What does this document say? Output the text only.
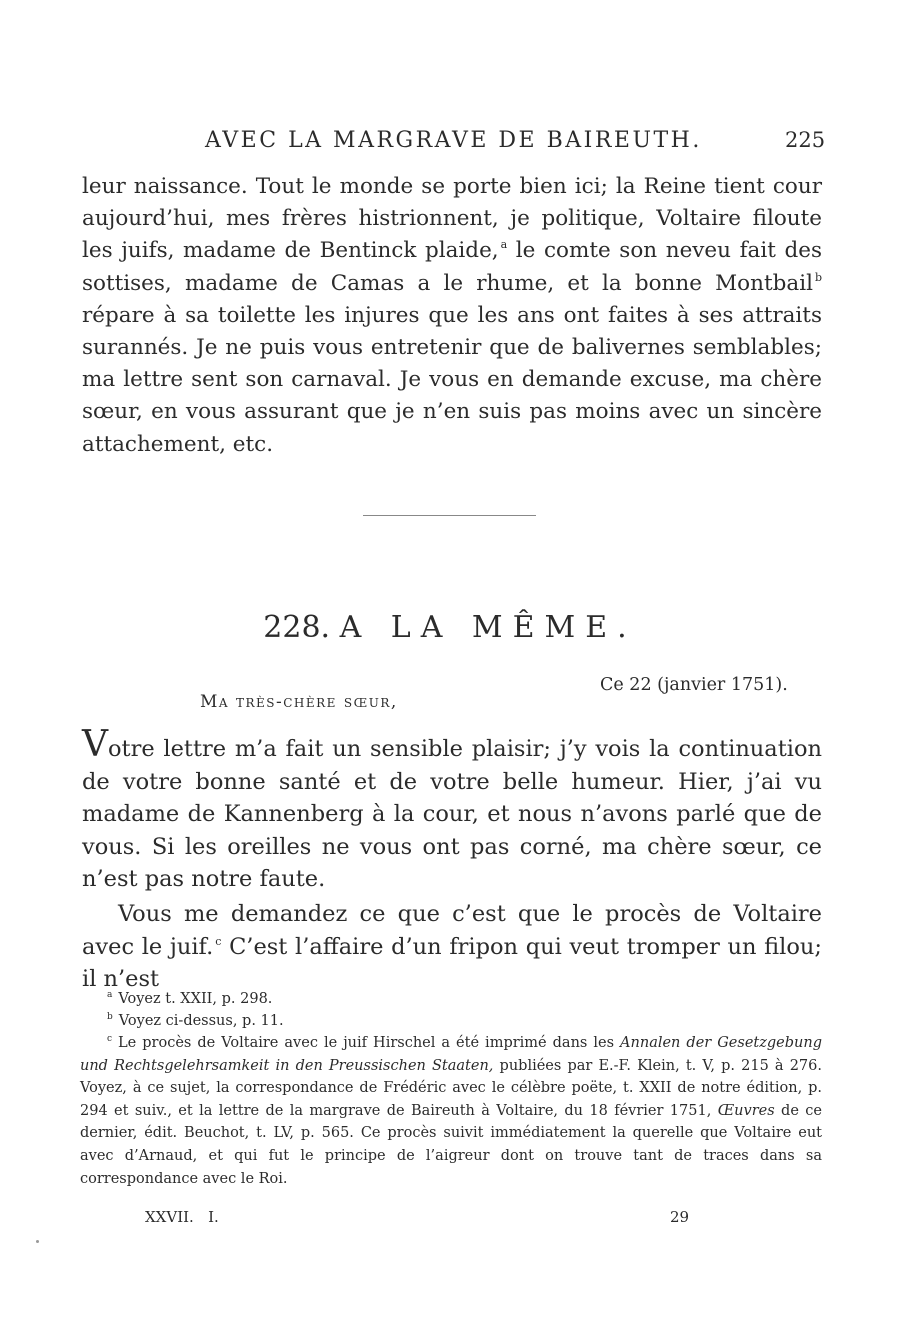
AVEC LA MARGRAVE DE BAIREUTH.	225

leur naissance. Tout le monde se porte bien ici; la Reine tient cour aujourd’hui, mes frères histrionnent, je politique, Voltaire filoute les juifs, madame de Bentinck plaide, $^a$ le comte son neveu fait des sottises, madame de Camas a le rhume, et la bonne Montbail $^b$ répare à sa toilette les injures que les ans ont faites à ses attraits surannés. Je ne puis vous entretenir que de balivernes semblables; ma lettre sent son carnaval. Je vous en demande excuse, ma chère sœur, en vous assurant que je n’en suis pas moins avec un sincère attachement, etc.

228. A LA MÊME.
Ce 22 (janvier 1751).
Ma très-chère sœur,

Votre lettre m’a fait un sensible plaisir; j’y vois la continuation de votre bonne santé et de votre belle humeur. Hier, j’ai vu madame de Kannenberg à la cour, et nous n’avons parlé que de vous. Si les oreilles ne vous ont pas corné, ma chère sœur, ce n’est pas notre faute.

Vous me demandez ce que c’est que le procès de Voltaire avec le juif. $^c$ C’est l’affaire d’un fripon qui veut tromper un filou; il n’est

$^a$ Voyez t. XXII, p. 298.

$^b$ Voyez ci-dessus, p. 11.

$^c$ Le procès de Voltaire avec le juif Hirschel a été imprimé dans les Annalen der Gesetzgebung und Rechtsgelehrsamkeit in den Preussischen Staaten, publiées par E.-F. Klein, t. V, p. 215 à 276. Voyez, à ce sujet, la correspondance de Frédéric avec le célèbre poëte, t. XXII de notre édition, p. 294 et suiv., et la lettre de la margrave de Baireuth à Voltaire, du 18 février 1751, Œuvres de ce dernier, édit. Beuchot, t. LV, p. 565. Ce procès suivit immédiatement la querelle que Voltaire eut avec d’Arnaud, et qui fut le principe de l’aigreur dont on trouve tant de traces dans sa correspondance avec le Roi.

XXVII.   I.	29
